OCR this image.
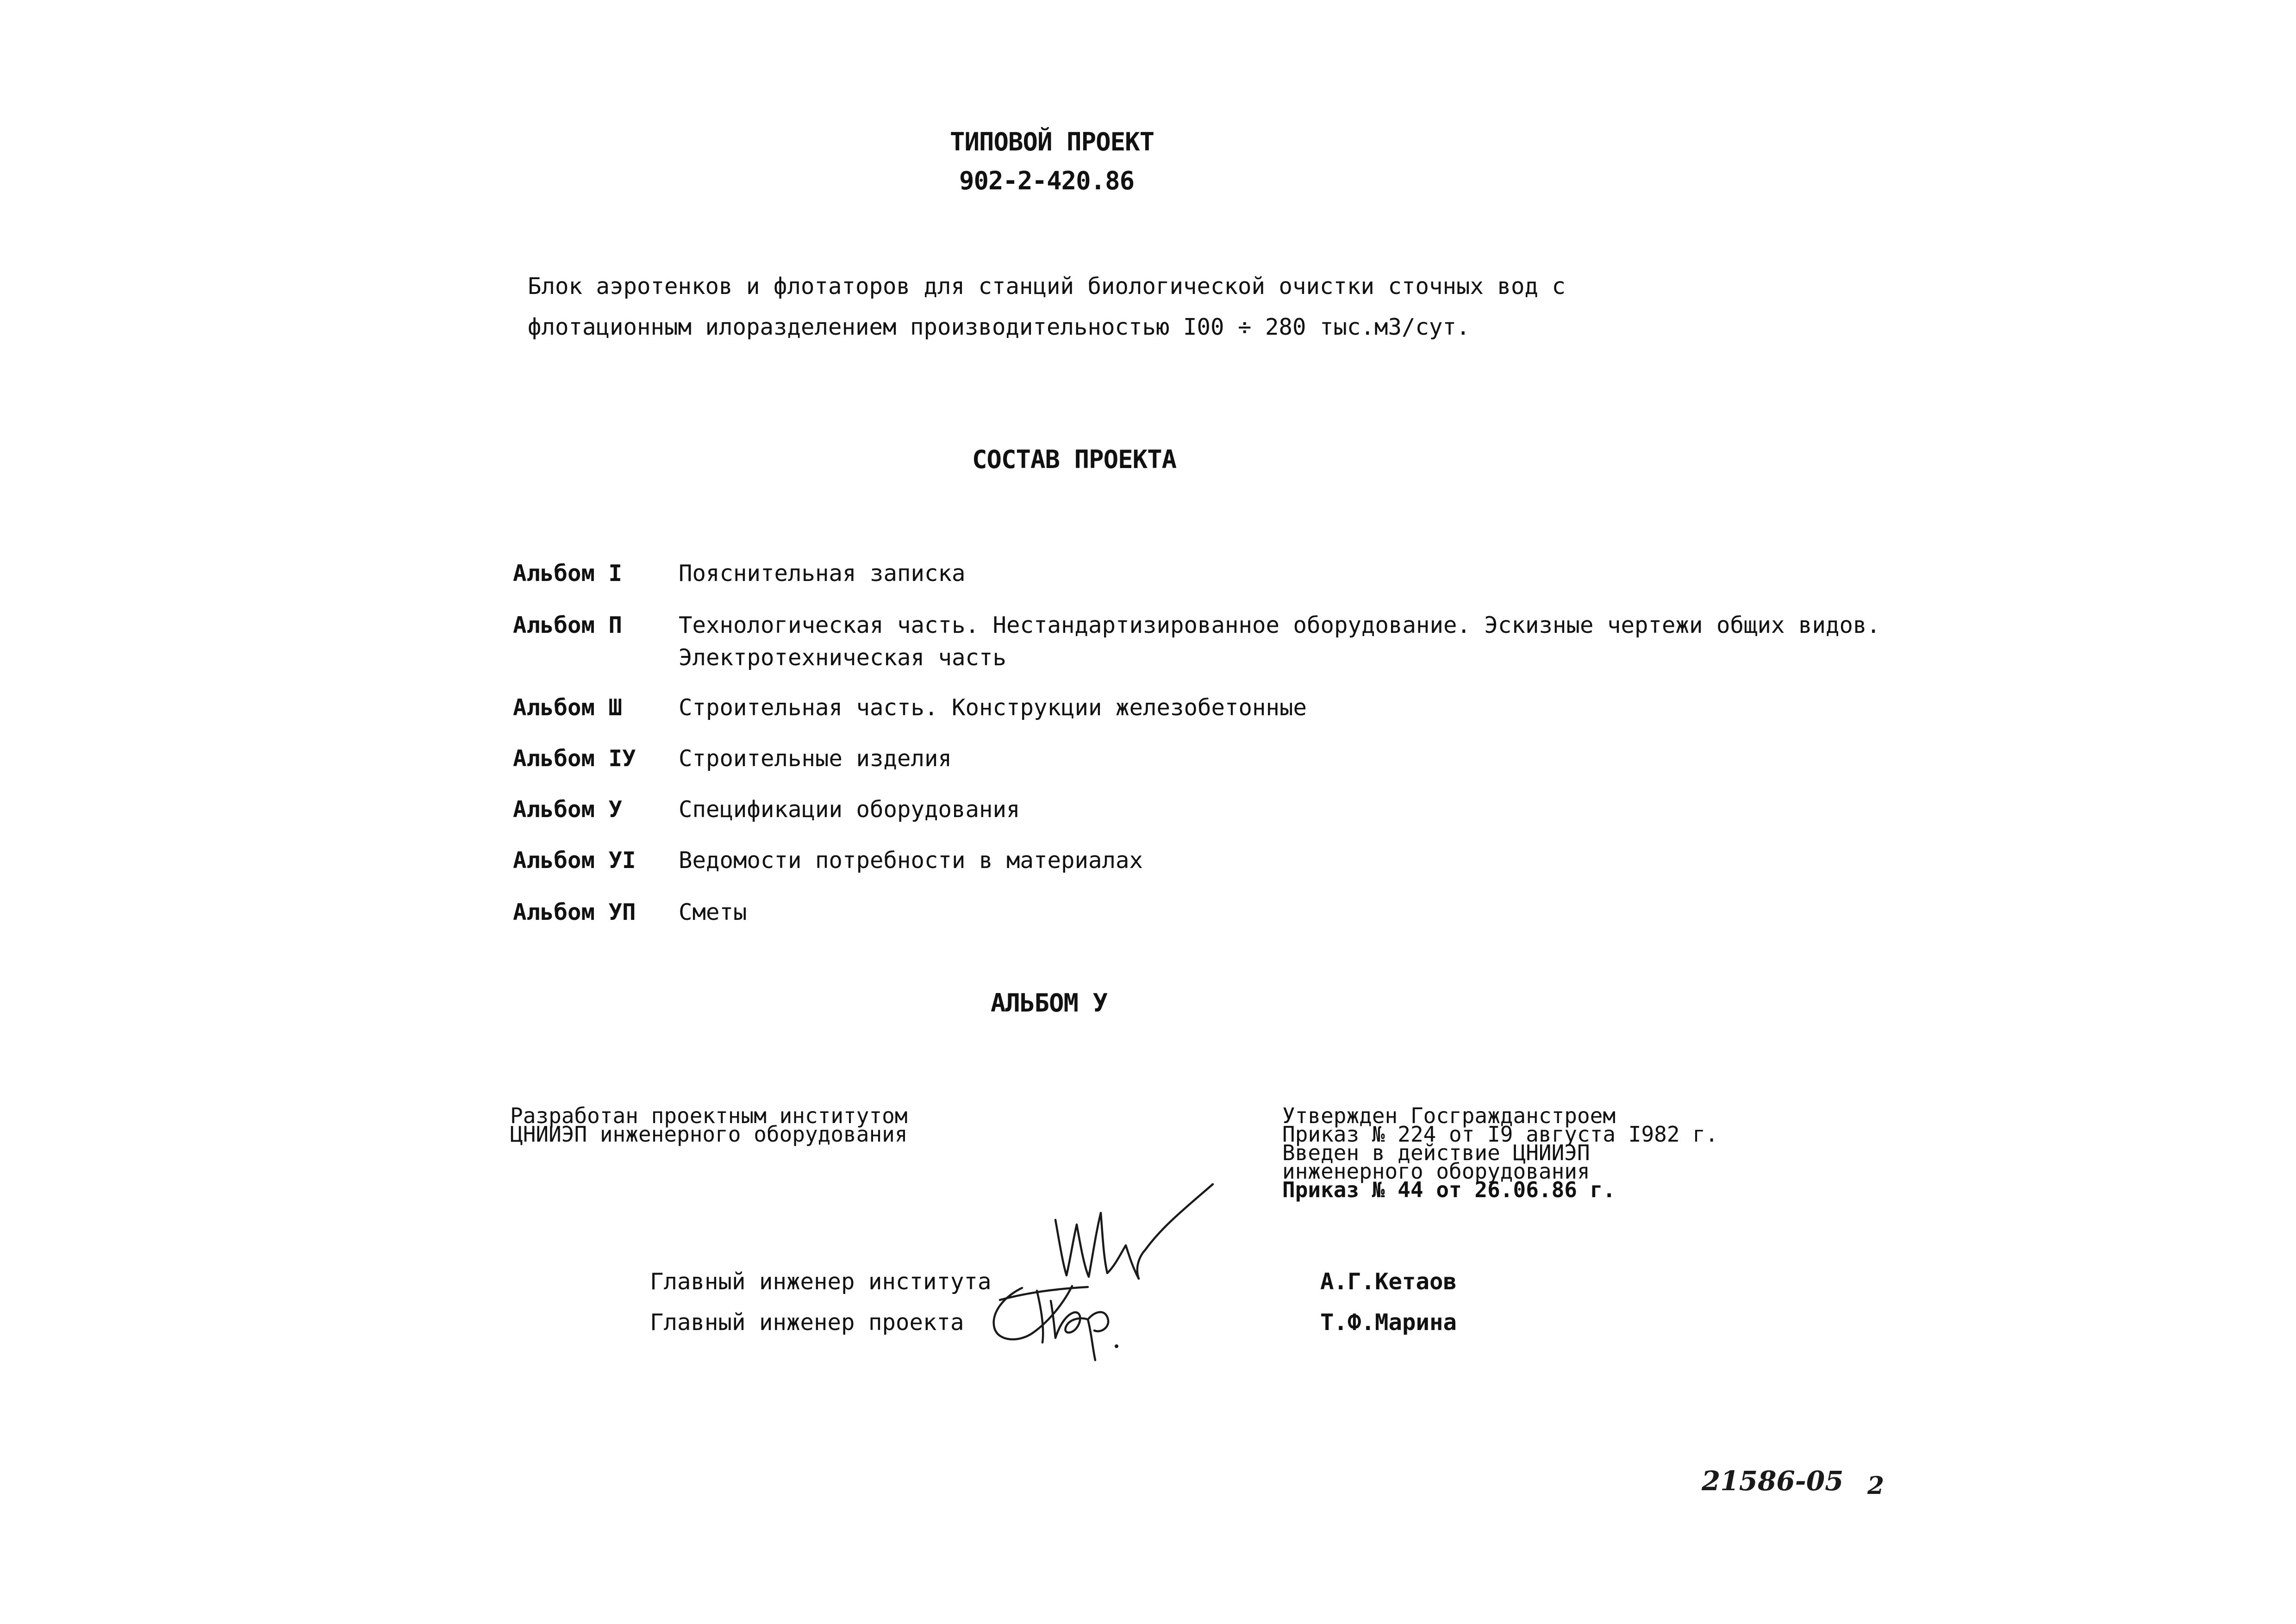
ТИПОВОЙ ПРОЕКТ
902-2-420.86
Блок аэротенков и флотаторов для станций биологической очистки сточных вод с
флотационным илоразделением производительностью I00 ÷ 280 тыс.м3/сут.
СОСТАВ ПРОЕКТА
Альбом I Пояснительная записка
Альбом П Технологическая часть. Нестандартизированное оборудование. Эскизные чертежи общих видов.
Электротехническая часть
Альбом Ш Строительная часть. Конструкции железобетонные
Альбом IУ Строительные изделия
Альбом У Спецификации оборудования
Альбом УI Ведомости потребности в материалах
Альбом УП Сметы
АЛЬБОМ У
Разработан проектным институтом
ЦНИИЭП инженерного оборудования
Утвержден Госгражданстроем
Приказ № 224 от I9 августа I982 г.
Введен в действие ЦНИИЭП
инженерного оборудования
Приказ № 44 от 26.06.86 г.
Главный инженер института	А.Г.Кетаов
Главный инженер проекта	Т.Ф.Марина
21586-05 2
